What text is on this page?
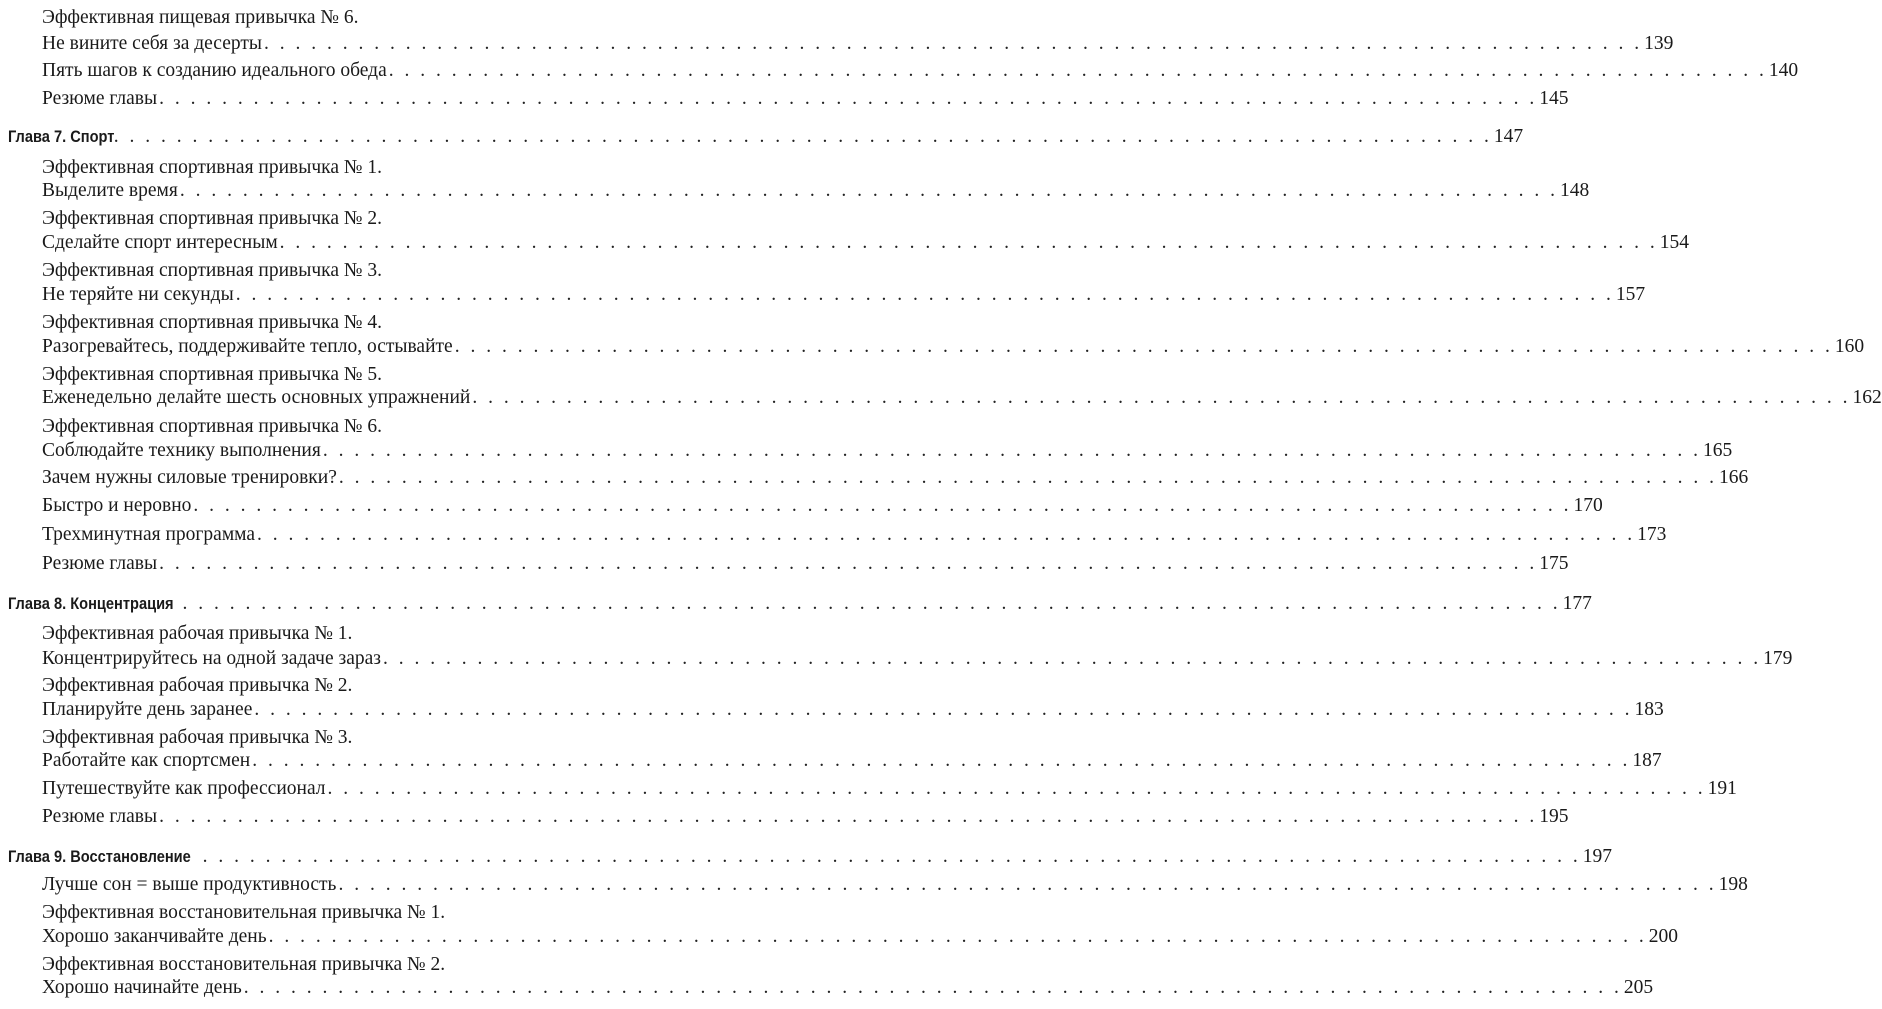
Эффективная пищевая привычка № 6.
Не вините себя за десерты . . . . . . . . . . . . . . . . . . . . . . . . . . . . . . . . . . . . . . . . . . . . . . . . . . . . . . . . . . . . . . . . . . . . . . . . . . . . . . . . . . . . . . . . 139
Пять шагов к созданию идеального обеда . . . . . . . . . . . . . . . . . . . . . . . . . . . . . . . . . . . . . . . . . . . . . . . . . . . . . . . . . . . . . . . . . . . . . . . . . . . . . . . . . . . . . . . . 140
Резюме главы . . . . . . . . . . . . . . . . . . . . . . . . . . . . . . . . . . . . . . . . . . . . . . . . . . . . . . . . . . . . . . . . . . . . . . . . . . . . . . . . . . . . . . . . 145
Глава 7. Спорт . . . . . . . . . . . . . . . . . . . . . . . . . . . . . . . . . . . . . . . . . . . . . . . . . . . . . . . . . . . . . . . . . . . . . . . . . . . . . . . . . . . . . . . . 147
Эффективная спортивная привычка № 1.
Выделите время . . . . . . . . . . . . . . . . . . . . . . . . . . . . . . . . . . . . . . . . . . . . . . . . . . . . . . . . . . . . . . . . . . . . . . . . . . . . . . . . . . . . . . . . 148
Эффективная спортивная привычка № 2.
Сделайте спорт интересным . . . . . . . . . . . . . . . . . . . . . . . . . . . . . . . . . . . . . . . . . . . . . . . . . . . . . . . . . . . . . . . . . . . . . . . . . . . . . . . . . . . . . . . . 154
Эффективная спортивная привычка № 3.
Не теряйте ни секунды . . . . . . . . . . . . . . . . . . . . . . . . . . . . . . . . . . . . . . . . . . . . . . . . . . . . . . . . . . . . . . . . . . . . . . . . . . . . . . . . . . . . . . . . 157
Эффективная спортивная привычка № 4.
Разогревайтесь, поддерживайте тепло, остывайте . . . . . . . . . . . . . . . . . . . . . . . . . . . . . . . . . . . . . . . . . . . . . . . . . . . . . . . . . . . . . . . . . . . . . . . . . . . . . . . . . . . . . . . . 160
Эффективная спортивная привычка № 5.
Еженедельно делайте шесть основных упражнений . . . . . . . . . . . . . . . . . . . . . . . . . . . . . . . . . . . . . . . . . . . . . . . . . . . . . . . . . . . . . . . . . . . . . . . . . . . . . . . . . . . . . . . . 162
Эффективная спортивная привычка № 6.
Соблюдайте технику выполнения . . . . . . . . . . . . . . . . . . . . . . . . . . . . . . . . . . . . . . . . . . . . . . . . . . . . . . . . . . . . . . . . . . . . . . . . . . . . . . . . . . . . . . . . 165
Зачем нужны силовые тренировки? . . . . . . . . . . . . . . . . . . . . . . . . . . . . . . . . . . . . . . . . . . . . . . . . . . . . . . . . . . . . . . . . . . . . . . . . . . . . . . . . . . . . . . . . 166
Быстро и неровно . . . . . . . . . . . . . . . . . . . . . . . . . . . . . . . . . . . . . . . . . . . . . . . . . . . . . . . . . . . . . . . . . . . . . . . . . . . . . . . . . . . . . . . . 170
Трехминутная программа . . . . . . . . . . . . . . . . . . . . . . . . . . . . . . . . . . . . . . . . . . . . . . . . . . . . . . . . . . . . . . . . . . . . . . . . . . . . . . . . . . . . . . . . 173
Резюме главы . . . . . . . . . . . . . . . . . . . . . . . . . . . . . . . . . . . . . . . . . . . . . . . . . . . . . . . . . . . . . . . . . . . . . . . . . . . . . . . . . . . . . . . . 175
Глава 8. Концентрация . . . . . . . . . . . . . . . . . . . . . . . . . . . . . . . . . . . . . . . . . . . . . . . . . . . . . . . . . . . . . . . . . . . . . . . . . . . . . . . . . . . . . . . . 177
Эффективная рабочая привычка № 1.
Концентрируйтесь на одной задаче зараз . . . . . . . . . . . . . . . . . . . . . . . . . . . . . . . . . . . . . . . . . . . . . . . . . . . . . . . . . . . . . . . . . . . . . . . . . . . . . . . . . . . . . . . . 179
Эффективная рабочая привычка № 2.
Планируйте день заранее . . . . . . . . . . . . . . . . . . . . . . . . . . . . . . . . . . . . . . . . . . . . . . . . . . . . . . . . . . . . . . . . . . . . . . . . . . . . . . . . . . . . . . . . 183
Эффективная рабочая привычка № 3.
Работайте как спортсмен . . . . . . . . . . . . . . . . . . . . . . . . . . . . . . . . . . . . . . . . . . . . . . . . . . . . . . . . . . . . . . . . . . . . . . . . . . . . . . . . . . . . . . . . 187
Путешествуйте как профессионал . . . . . . . . . . . . . . . . . . . . . . . . . . . . . . . . . . . . . . . . . . . . . . . . . . . . . . . . . . . . . . . . . . . . . . . . . . . . . . . . . . . . . . . . 191
Резюме главы . . . . . . . . . . . . . . . . . . . . . . . . . . . . . . . . . . . . . . . . . . . . . . . . . . . . . . . . . . . . . . . . . . . . . . . . . . . . . . . . . . . . . . . . 195
Глава 9. Восстановление . . . . . . . . . . . . . . . . . . . . . . . . . . . . . . . . . . . . . . . . . . . . . . . . . . . . . . . . . . . . . . . . . . . . . . . . . . . . . . . . . . . . . . . . 197
Лучше сон = выше продуктивность . . . . . . . . . . . . . . . . . . . . . . . . . . . . . . . . . . . . . . . . . . . . . . . . . . . . . . . . . . . . . . . . . . . . . . . . . . . . . . . . . . . . . . . . 198
Эффективная восстановительная привычка № 1.
Хорошо заканчивайте день . . . . . . . . . . . . . . . . . . . . . . . . . . . . . . . . . . . . . . . . . . . . . . . . . . . . . . . . . . . . . . . . . . . . . . . . . . . . . . . . . . . . . . . . 200
Эффективная восстановительная привычка № 2.
Хорошо начинайте день . . . . . . . . . . . . . . . . . . . . . . . . . . . . . . . . . . . . . . . . . . . . . . . . . . . . . . . . . . . . . . . . . . . . . . . . . . . . . . . . . . . . . . . . 205
